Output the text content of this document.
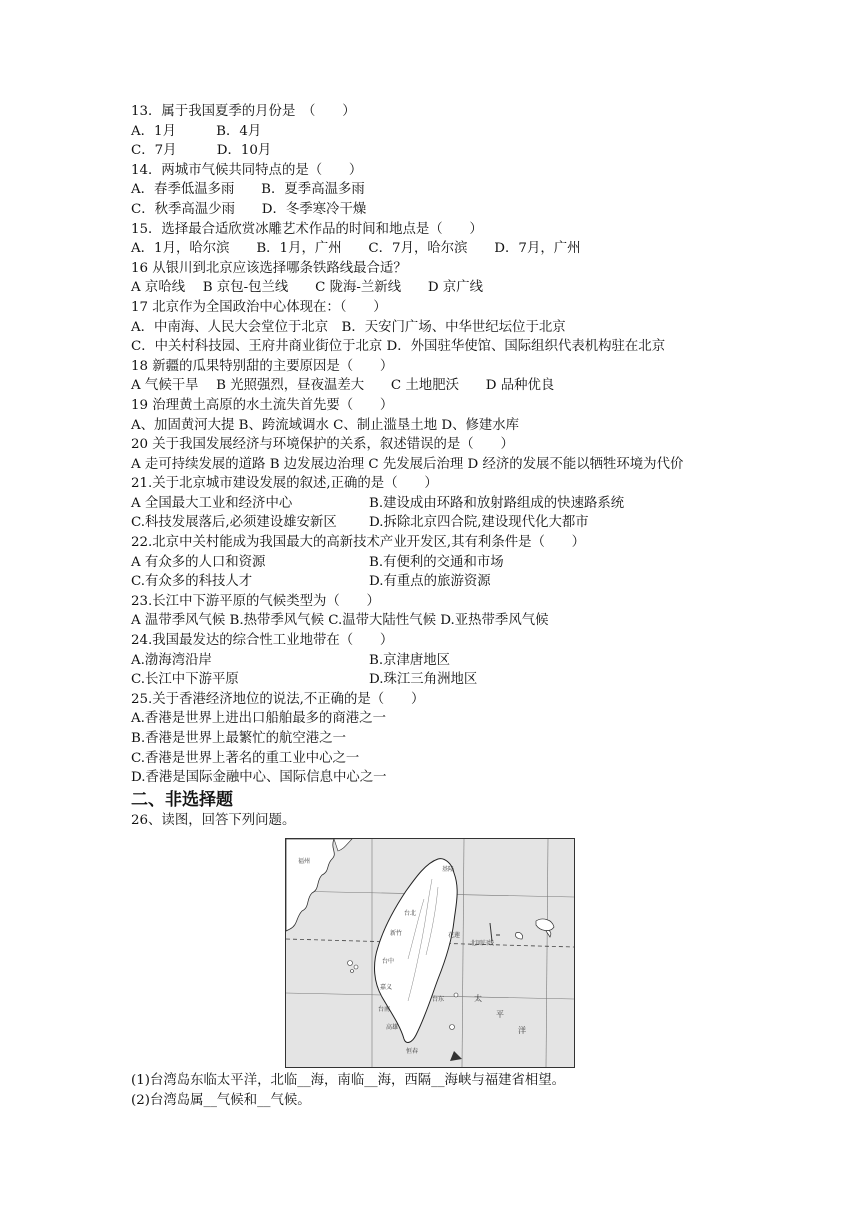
13．属于我国夏季的月份是　（　　）
A．1月　　　B．4月
C．7月　　　D．10月
14．两城市气候共同特点的是（　　）
A．春季低温多雨　　B．夏季高温多雨
C．秋季高温少雨　　D．冬季寒冷干燥
15．选择最合适欣赏冰雕艺术作品的时间和地点是（　　）
A．1月，哈尔滨　　B．1月，广州　　C．7月，哈尔滨　　D．7月，广州
16 从银川到北京应该选择哪条铁路线最合适？
A 京哈线　 B 京包-包兰线　　C 陇海-兰新线　　D 京广线
17 北京作为全国政治中心体现在：（　　）
A．中南海、人民大会堂位于北京　B．天安门广场、中华世纪坛位于北京
C．中关村科技园、王府井商业街位于北京 D．外国驻华使馆、国际组织代表机构驻在北京
18 新疆的瓜果特别甜的主要原因是（　　）
A 气候干旱　 B 光照强烈，昼夜温差大　　C 土地肥沃　　D 品种优良
19 治理黄土高原的水土流失首先要（　　）
A、加固黄河大提 B、跨流域调水 C、制止滥垦土地 D、修建水库
20 关于我国发展经济与环境保护的关系，叙述错误的是（　　）
A 走可持续发展的道路 B 边发展边治理 C 先发展后治理 D 经济的发展不能以牺牲环境为代价
21.关于北京城市建设发展的叙述,正确的是（　　）
A 全国最大工业和经济中心	B.建设成由环路和放射路组成的快速路系统
C.科技发展落后,必须建设雄安新区 D.拆除北京四合院,建设现代化大都市
22.北京中关村能成为我国最大的高新技术产业开发区,其有利条件是（　　）
A 有众多的人口和资源	B.有便利的交通和市场
C.有众多的科技人才	D.有重点的旅游资源
23.长江中下游平原的气候类型为（　　）
A 温带季风气候 B.热带季风气候 C.温带大陆性气候 D.亚热带季风气候
24.我国最发达的综合性工业地带在（　　）
A.渤海湾沿岸	B.京津唐地区
C.长江中下游平原	D.珠江三角洲地区
25.关于香港经济地位的说法,不正确的是（　　）
A.香港是世界上进出口船舶最多的商港之一
B.香港是世界上最繁忙的航空港之一
C.香港是世界上著名的重工业中心之一
D.香港是国际金融中心、国际信息中心之一
二、非选择题
26、读图，回答下列问题。
福州
台北
基隆
新竹
台中
花莲
嘉义
台南
高雄
台东
恒春
北回归线
太
平
洋
(1)台湾岛东临太平洋，北临__海，南临__海，西隔__海峡与福建省相望。
(2)台湾岛属__气候和__气候。
